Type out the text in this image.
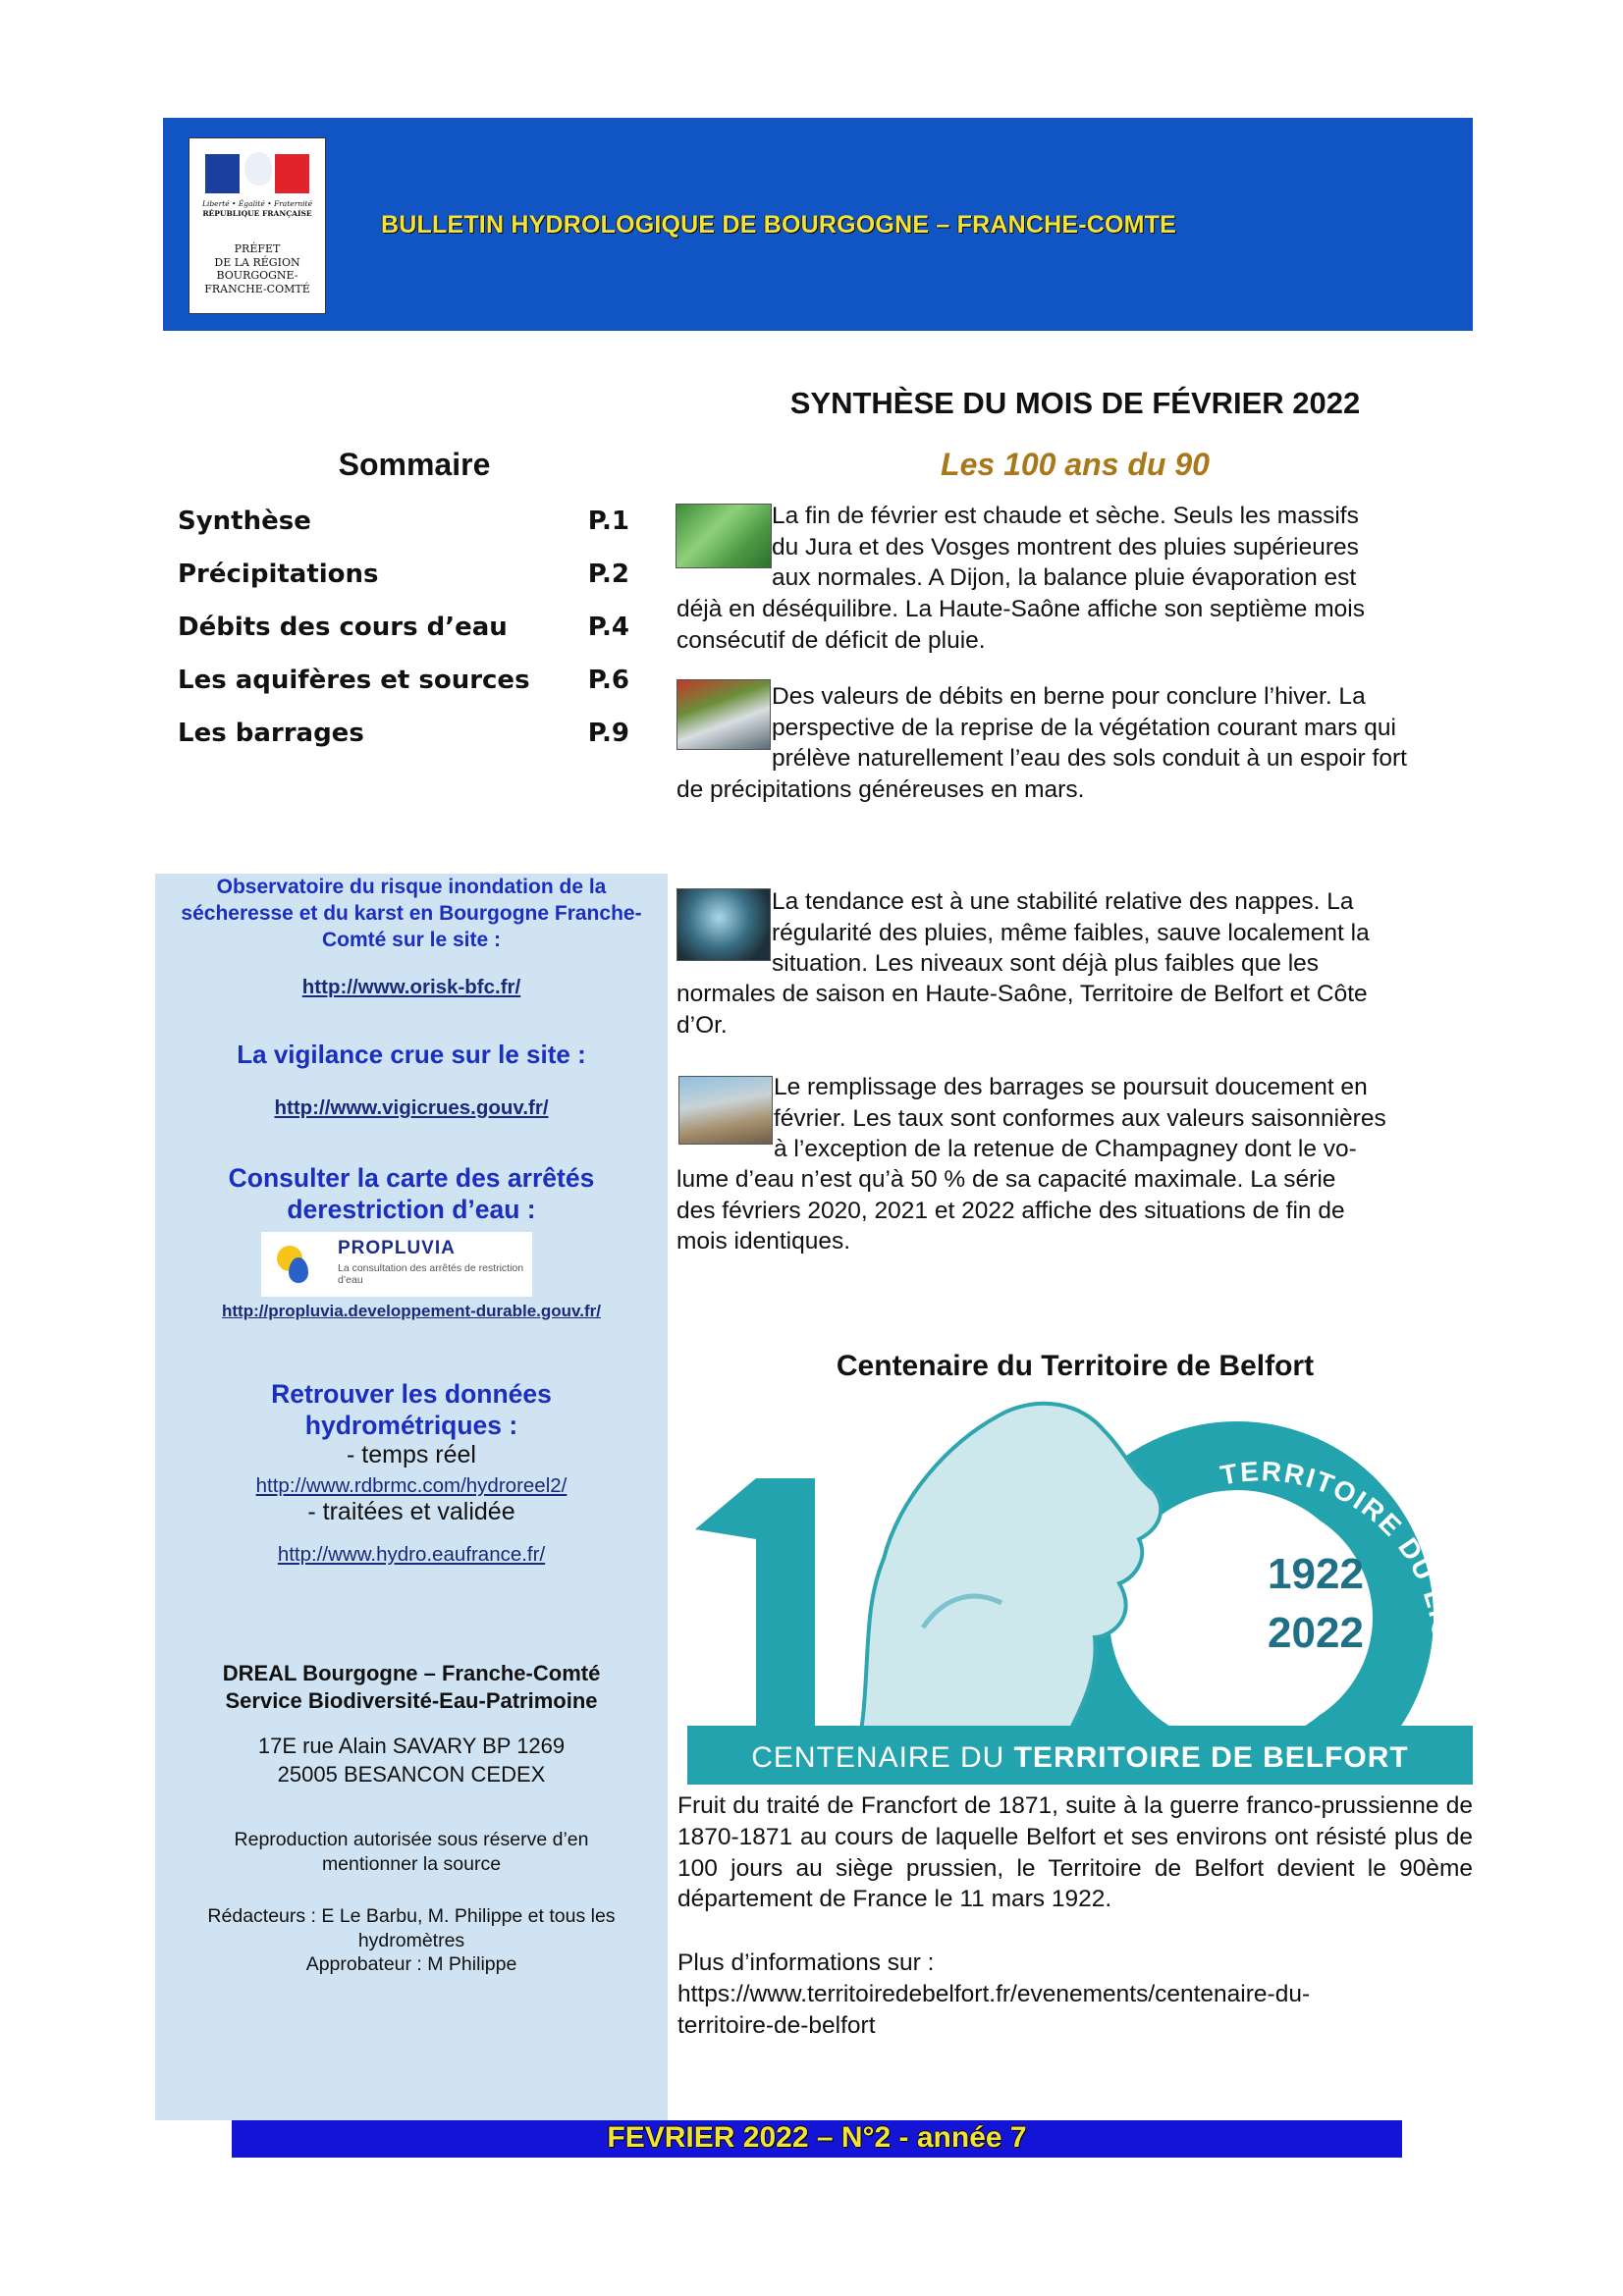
Liberté • Égalité • Fraternité
RÉPUBLIQUE FRANÇAISE
PRÉFET
DE LA RÉGION
BOURGOGNE-
FRANCHE-COMTÉ
BULLETIN HYDROLOGIQUE DE BOURGOGNE – FRANCHE-COMTE
Sommaire
Synthèse	P.1
Précipitations	P.2
Débits des cours d’eau	P.4
Les aquifères et sources P.6
Les barrages	P.9
SYNTHÈSE DU MOIS DE FÉVRIER 2022
Les 100 ans du 90
La fin de février est chaude et sèche. Seuls les massifs
du Jura et des Vosges montrent des pluies supérieures
aux normales. A Dijon, la balance pluie évaporation est
déjà en déséquilibre. La Haute-Saône affiche son septième mois
consécutif de déficit de pluie.
Des valeurs de débits en berne pour conclure l’hiver. La
perspective de la reprise de la végétation courant mars qui
prélève naturellement l’eau des sols conduit à un espoir fort
de précipitations généreuses en mars.
La tendance est à une stabilité relative des nappes. La
régularité des pluies, même faibles, sauve localement la
situation. Les niveaux sont déjà plus faibles que les
normales de saison en Haute-Saône, Territoire de Belfort et Côte
d’Or.
Le remplissage des barrages se poursuit doucement en
février. Les taux sont conformes aux valeurs saisonnières
à l’exception de la retenue de Champagney dont le vo-
lume d’eau n’est qu’à 50 % de sa capacité maximale. La série
des févriers 2020, 2021 et 2022 affiche des situations de fin de
mois identiques.
Observatoire du risque inondation de la sécheresse et du karst en Bourgogne Franche-Comté sur le site :
http://www.orisk-bfc.fr/
La vigilance crue sur le site :
http://www.vigicrues.gouv.fr/
Consulter la carte des arrêtés derestriction d’eau :
PROPLUVIA
La consultation des arrêtés de restriction d’eau
http://propluvia.developpement-durable.gouv.fr/
Retrouver les données hydrométriques :
- temps réel
http://www.rdbrmc.com/hydroreel2/
- traitées et validée
http://www.hydro.eaufrance.fr/
DREAL Bourgogne – Franche-Comté
Service Biodiversité-Eau-Patrimoine
17E rue Alain SAVARY BP 1269
25005 BESANCON CEDEX
Reproduction autorisée sous réserve d’en mentionner la source
Rédacteurs : E Le Barbu, M. Philippe et tous les hydromètres
Approbateur : M Philippe
Centenaire du Territoire de Belfort
1922
2022
TERRITOIRE DU LION
CENTENAIRE DU TERRITOIRE DE BELFORT
Fruit du traité de Francfort de 1871, suite à la guerre franco-prussienne de 1870-1871 au cours de laquelle Belfort et ses environs ont résisté plus de 100 jours au siège prussien, le Territoire de Belfort devient le 90ème département de France le 11 mars 1922.
Plus d’informations sur :
https://www.territoiredebelfort.fr/evenements/centenaire-du-
territoire-de-belfort
FEVRIER 2022 – N°2 - année 7
